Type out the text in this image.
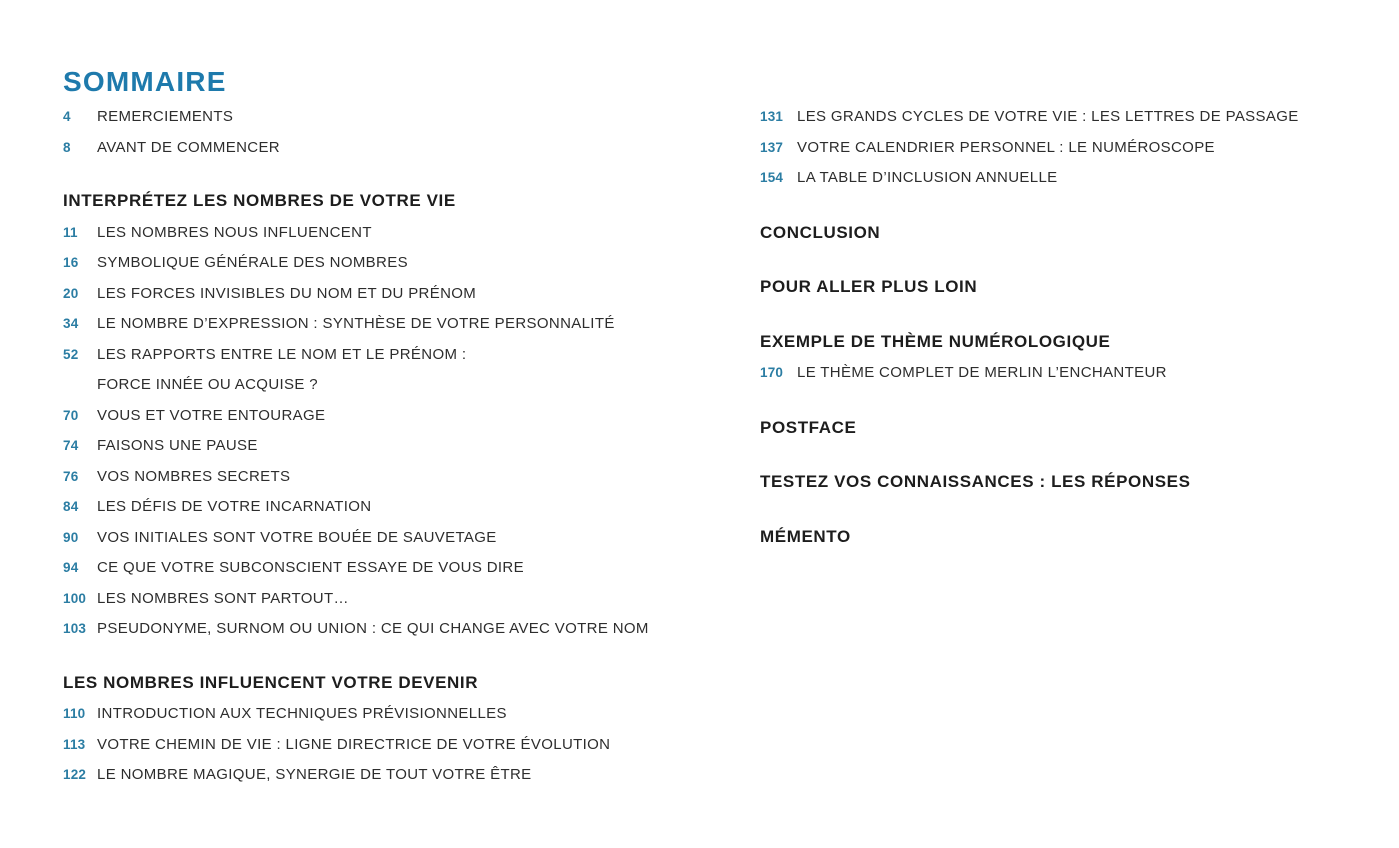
SOMMAIRE
4	REMERCIEMENTS
8	AVANT DE COMMENCER
INTERPRÉTEZ LES NOMBRES DE VOTRE VIE
11	LES NOMBRES NOUS INFLUENCENT
16	SYMBOLIQUE GÉNÉRALE DES NOMBRES
20	LES FORCES INVISIBLES DU NOM ET DU PRÉNOM
34	LE NOMBRE D’EXPRESSION : SYNTHÈSE DE VOTRE PERSONNALITÉ
52	LES RAPPORTS ENTRE LE NOM ET LE PRÉNOM :
FORCE INNÉE OU ACQUISE ?
70	VOUS ET VOTRE ENTOURAGE
74	FAISONS UNE PAUSE
76	VOS NOMBRES SECRETS
84	LES DÉFIS DE VOTRE INCARNATION
90	VOS INITIALES SONT VOTRE BOUÉE DE SAUVETAGE
94	CE QUE VOTRE SUBCONSCIENT ESSAYE DE VOUS DIRE
100 LES NOMBRES SONT PARTOUT…
103 PSEUDONYME, SURNOM OU UNION : CE QUI CHANGE AVEC VOTRE NOM
LES NOMBRES INFLUENCENT VOTRE DEVENIR
110 INTRODUCTION AUX TECHNIQUES PRÉVISIONNELLES
113 VOTRE CHEMIN DE VIE : LIGNE DIRECTRICE DE VOTRE ÉVOLUTION
122 LE NOMBRE MAGIQUE, SYNERGIE DE TOUT VOTRE ÊTRE
131 LES GRANDS CYCLES DE VOTRE VIE : LES LETTRES DE PASSAGE
137 VOTRE CALENDRIER PERSONNEL : LE NUMÉROSCOPE
154 LA TABLE D’INCLUSION ANNUELLE
CONCLUSION
POUR ALLER PLUS LOIN
EXEMPLE DE THÈME NUMÉROLOGIQUE
170 LE THÈME COMPLET DE MERLIN L’ENCHANTEUR
POSTFACE
TESTEZ VOS CONNAISSANCES : LES RÉPONSES
MÉMENTO
